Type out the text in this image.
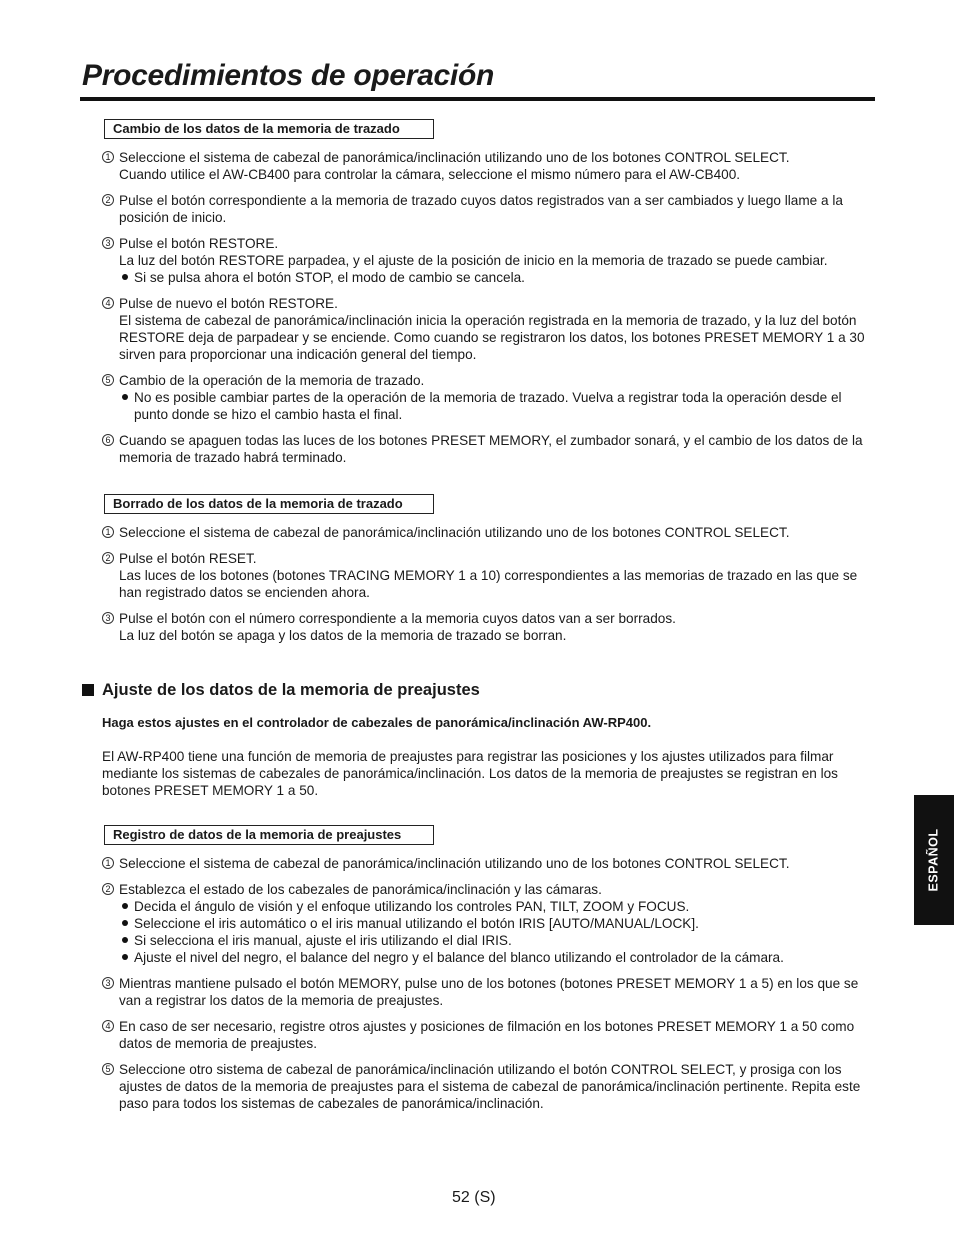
Procedimientos de operación
Cambio de los datos de la memoria de trazado
1 Seleccione el sistema de cabezal de panorámica/inclinación utilizando uno de los botones CONTROL SELECT.
Cuando utilice el AW-CB400 para controlar la cámara, seleccione el mismo número para el AW-CB400.
2 Pulse el botón correspondiente a la memoria de trazado cuyos datos registrados van a ser cambiados y luego llame a la posición de inicio.
3 Pulse el botón RESTORE.
La luz del botón RESTORE parpadea, y el ajuste de la posición de inicio en la memoria de trazado se puede cambiar.
Si se pulsa ahora el botón STOP, el modo de cambio se cancela.
4 Pulse de nuevo el botón RESTORE.
El sistema de cabezal de panorámica/inclinación inicia la operación registrada en la memoria de trazado, y la luz del botón RESTORE deja de parpadear y se enciende. Como cuando se registraron los datos, los botones PRESET MEMORY 1 a 30 sirven para proporcionar una indicación general del tiempo.
5 Cambio de la operación de la memoria de trazado.
No es posible cambiar partes de la operación de la memoria de trazado. Vuelva a registrar toda la operación desde el punto donde se hizo el cambio hasta el final.
6 Cuando se apaguen todas las luces de los botones PRESET MEMORY, el zumbador sonará, y el cambio de los datos de la memoria de trazado habrá terminado.
Borrado de los datos de la memoria de trazado
1 Seleccione el sistema de cabezal de panorámica/inclinación utilizando uno de los botones CONTROL SELECT.
2 Pulse el botón RESET.
Las luces de los botones (botones TRACING MEMORY 1 a 10) correspondientes a las memorias de trazado en las que se han registrado datos se encienden ahora.
3 Pulse el botón con el número correspondiente a la memoria cuyos datos van a ser borrados.
La luz del botón se apaga y los datos de la memoria de trazado se borran.
Ajuste de los datos de la memoria de preajustes
Haga estos ajustes en el controlador de cabezales de panorámica/inclinación AW-RP400.
El AW-RP400 tiene una función de memoria de preajustes para registrar las posiciones y los ajustes utilizados para filmar mediante los sistemas de cabezales de panorámica/inclinación. Los datos de la memoria de preajustes se registran en los botones PRESET MEMORY 1 a 50.
Registro de datos de la memoria de preajustes
1 Seleccione el sistema de cabezal de panorámica/inclinación utilizando uno de los botones CONTROL SELECT.
2 Establezca el estado de los cabezales de panorámica/inclinación y las cámaras.
Decida el ángulo de visión y el enfoque utilizando los controles PAN, TILT, ZOOM y FOCUS.
Seleccione el iris automático o el iris manual utilizando el botón IRIS [AUTO/MANUAL/LOCK].
Si selecciona el iris manual, ajuste el iris utilizando el dial IRIS.
Ajuste el nivel del negro, el balance del negro y el balance del blanco utilizando el controlador de la cámara.
3 Mientras mantiene pulsado el botón MEMORY, pulse uno de los botones (botones PRESET MEMORY 1 a 5) en los que se van a registrar los datos de la memoria de preajustes.
4 En caso de ser necesario, registre otros ajustes y posiciones de filmación en los botones PRESET MEMORY 1 a 50 como datos de memoria de preajustes.
5 Seleccione otro sistema de cabezal de panorámica/inclinación utilizando el botón CONTROL SELECT, y prosiga con los ajustes de datos de la memoria de preajustes para el sistema de cabezal de panorámica/inclinación pertinente. Repita este paso para todos los sistemas de cabezales de panorámica/inclinación.
ESPAÑOL
52 (S)
